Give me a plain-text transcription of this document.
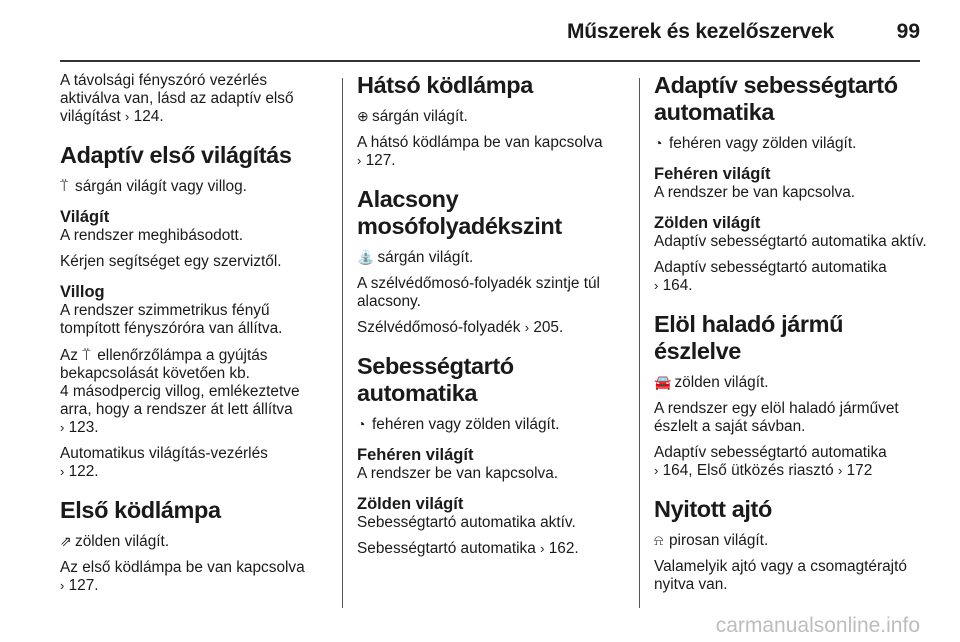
Műszerek és kezelőszervek	99

A távolsági fényszóró vezérlés aktiválva van, lásd az adaptív első világítást › 124.

Adaptív első világítás

⍡ sárgán világít vagy villog.

Világít

A rendszer meghibásodott.

Kérjen segítséget egy szerviztől.

Villog

A rendszer szimmetrikus fényű tompított fényszóróra van állítva.

Az ⍡ ellenőrzőlámpa a gyújtás bekapcsolását követően kb.
4 másodpercig villog, emlékeztetve arra, hogy a rendszer át lett állítva
› 123.

Automatikus világítás-vezérlés
› 122.

Első ködlámpa

⇗ zölden világít.

Az első ködlámpa be van kapcsolva
› 127.

Hátsó ködlámpa

⊕ sárgán világít.

A hátsó ködlámpa be van kapcsolva
› 127.

Alacsony
mosófolyadékszint

⛲ sárgán világít.

A szélvédőmosó-folyadék szintje túl alacsony.

Szélvédőmosó-folyadék › 205.

Sebességtartó automatika

◔ fehéren vagy zölden világít.

Fehéren világít

A rendszer be van kapcsolva.

Zölden világít

Sebességtartó automatika aktív.

Sebességtartó automatika › 162.

Adaptív sebességtartó
automatika

◔ fehéren vagy zölden világít.

Fehéren világít

A rendszer be van kapcsolva.

Zölden világít

Adaptív sebességtartó automatika aktív.

Adaptív sebességtartó automatika
› 164.

Elöl haladó jármű észlelve

🚘 zölden világít.

A rendszer egy elöl haladó járművet észlelt a saját sávban.

Adaptív sebességtartó automatika
› 164, Első ütközés riasztó › 172

Nyitott ajtó

⍾ pirosan világít.

Valamelyik ajtó vagy a csomagtérajtó nyitva van.

carmanualsonline.info
